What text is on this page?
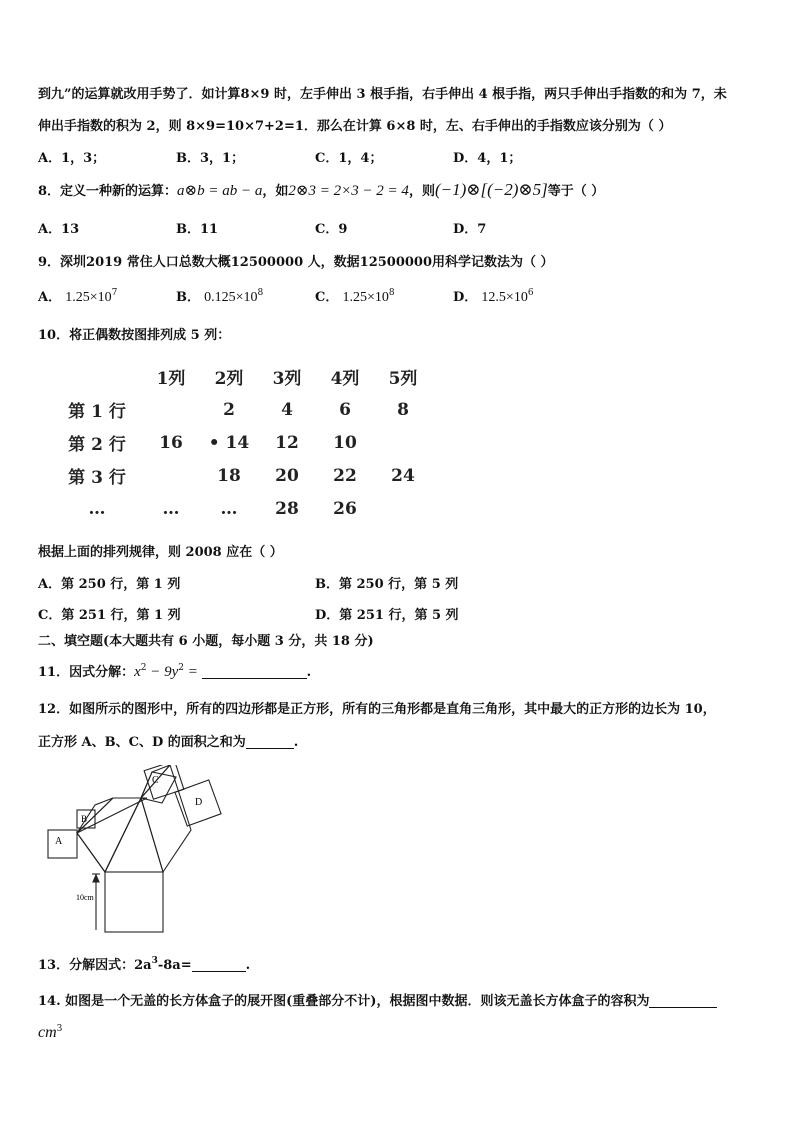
到九”的运算就改用手势了．如计算8×9 时，左手伸出 3 根手指，右手伸出 4 根手指，两只手伸出手指数的和为 7，未
伸出手指数的积为 2，则 8×9=10×7+2=1．那么在计算 6×8 时，左、右手伸出的手指数应该分别为（ ）
A．1，3；	B．3，1；	C．1，4；	D．4，1；
8．定义一种新的运算：a⊗b = ab − a，如2⊗3 = 2×3 − 2 = 4，则(−1)⊗[(−2)⊗5]等于（ ）
A．13	B．11	C．9	D．7
9．深圳2019 常住人口总数大概12500000 人，数据12500000用科学记数法为（ ）
A． $1.25\times 10^7$	B． $0.125\times 10^8$	C． $1.25\times 10^8$	D． $12.5\times 10^6$
10．将正偶数按图排列成 5 列：
	1列	2列	3列	4列	5列
第 1 行		2	4	6	8
第 2 行	16	• 14	12	10	
第 3 行		18	20	22	24
…	…	…	28	26	
根据上面的排列规律，则 2008 应在（ ）
A．第 250 行，第 1 列	B．第 250 行，第 5 列
C．第 251 行，第 1 列	D．第 251 行，第 5 列
二、填空题(本大题共有 6 小题，每小题 3 分，共 18 分)
11．因式分解：$x^2 - 9y^2$ =	.
12．如图所示的图形中，所有的四边形都是正方形，所有的三角形都是直角三角形，其中最大的正方形的边长为 10，
正方形 A、B、C、D 的面积之和为	.
A
B
C
D
10cm
13．分解因式：$2a^3-8a=$	.
14. 如图是一个无盖的长方体盒子的展开图(重叠部分不计)，根据图中数据．则该无盖长方体盒子的容积为
$cm^3$
